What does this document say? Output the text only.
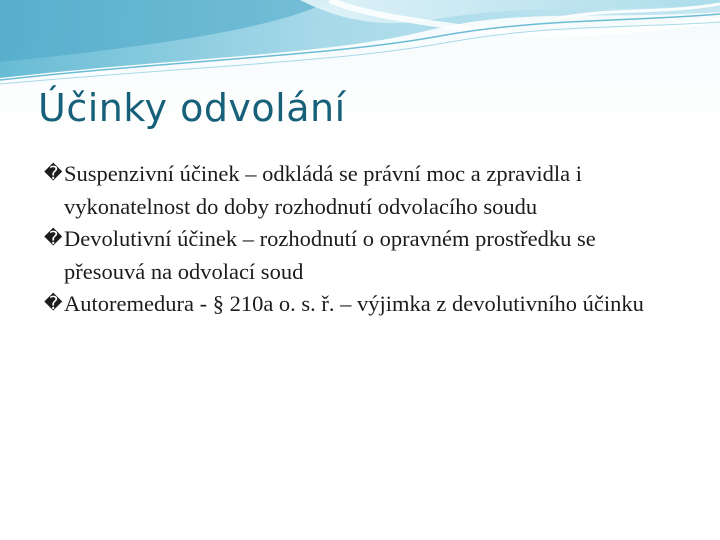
Účinky odvolání
� Suspenzivní účinek – odkládá se právní moc a zpravidla i vykonatelnost do doby rozhodnutí odvolacího soudu
� Devolutivní účinek – rozhodnutí o opravném prostředku se přesouvá na odvolací soud
� Autoremedura - § 210a o. s. ř. – výjimka z devolutivního účinku
